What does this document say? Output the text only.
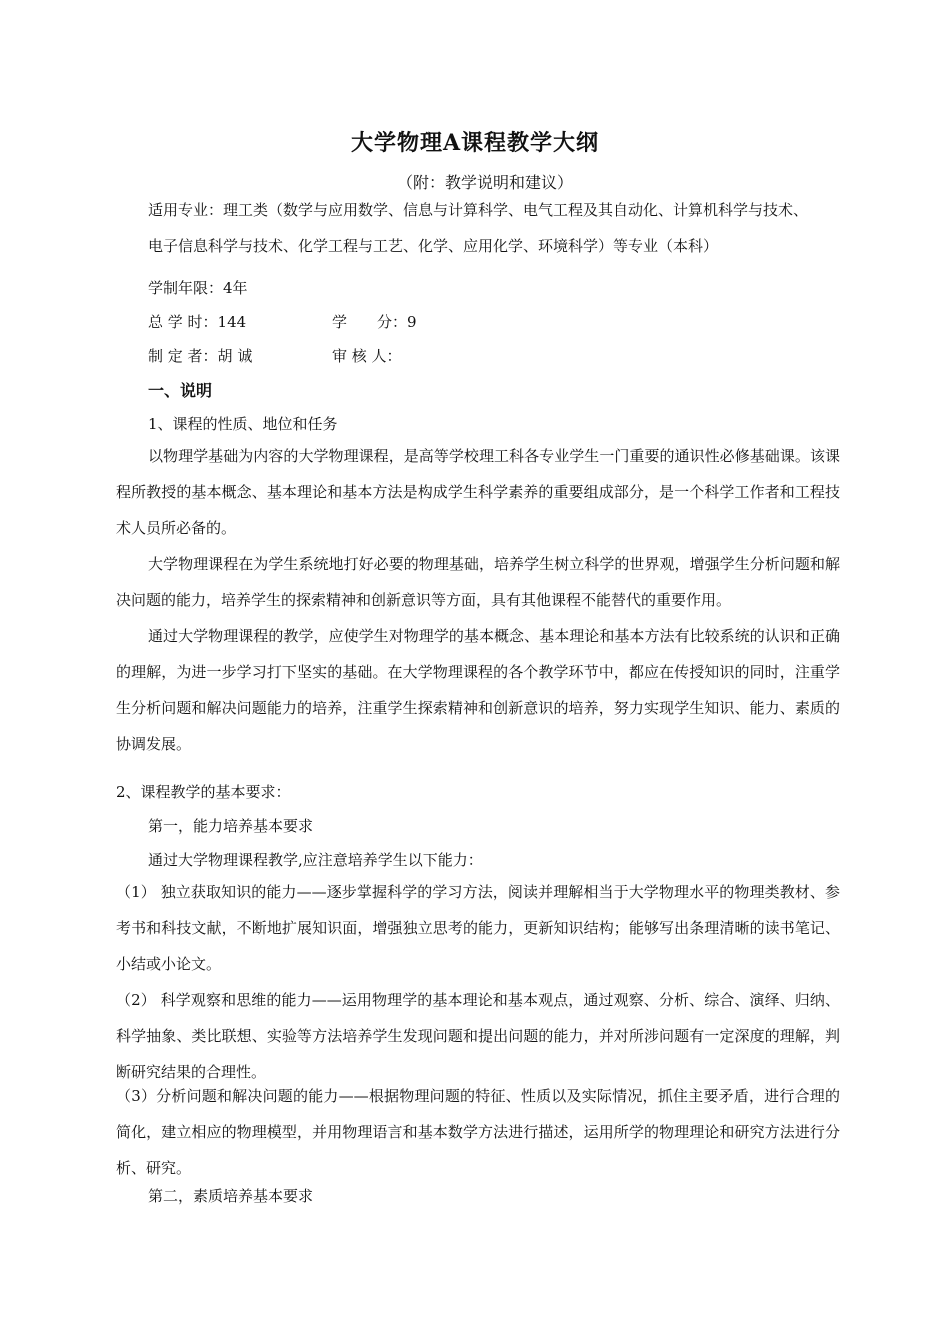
大学物理A课程教学大纲
（附：教学说明和建议）
适用专业：理工类（数学与应用数学、信息与计算科学、电气工程及其自动化、计算机科学与技术、
电子信息科学与技术、化学工程与工艺、化学、应用化学、环境科学）等专业（本科）
学制年限：4年
总 学 时：144	学　　分：9
制 定 者：胡 诚	审 核 人：
一、说明
1、课程的性质、地位和任务
以物理学基础为内容的大学物理课程，是高等学校理工科各专业学生一门重要的通识性必修基础课。该课程所教授的基本概念、基本理论和基本方法是构成学生科学素养的重要组成部分，是一个科学工作者和工程技术人员所必备的。
大学物理课程在为学生系统地打好必要的物理基础，培养学生树立科学的世界观，增强学生分析问题和解决问题的能力，培养学生的探索精神和创新意识等方面，具有其他课程不能替代的重要作用。
通过大学物理课程的教学，应使学生对物理学的基本概念、基本理论和基本方法有比较系统的认识和正确的理解，为进一步学习打下坚实的基础。在大学物理课程的各个教学环节中，都应在传授知识的同时，注重学生分析问题和解决问题能力的培养，注重学生探索精神和创新意识的培养，努力实现学生知识、能力、素质的协调发展。
2、课程教学的基本要求：
第一，能力培养基本要求
通过大学物理课程教学,应注意培养学生以下能力：
（1） 独立获取知识的能力——逐步掌握科学的学习方法，阅读并理解相当于大学物理水平的物理类教材、参考书和科技文献，不断地扩展知识面，增强独立思考的能力，更新知识结构；能够写出条理清晰的读书笔记、小结或小论文。
（2） 科学观察和思维的能力——运用物理学的基本理论和基本观点，通过观察、分析、综合、演绎、归纳、科学抽象、类比联想、实验等方法培养学生发现问题和提出问题的能力，并对所涉问题有一定深度的理解，判断研究结果的合理性。
（3）分析问题和解决问题的能力——根据物理问题的特征、性质以及实际情况，抓住主要矛盾，进行合理的简化，建立相应的物理模型，并用物理语言和基本数学方法进行描述，运用所学的物理理论和研究方法进行分析、研究。
第二，素质培养基本要求
